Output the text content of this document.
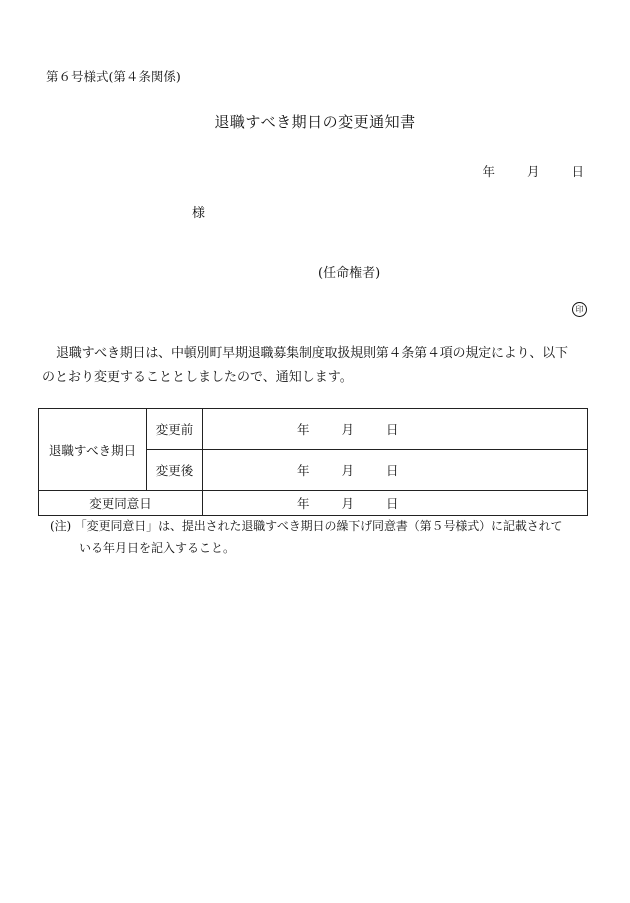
第６号様式(第４条関係)
退職すべき期日の変更通知書
年	月	日
様
(任命権者)
印
退職すべき期日は、中頓別町早期退職募集制度取扱規則第４条第４項の規定により、以下
のとおり変更することとしましたので、通知します。
退職すべき期日	変更前	年 月 日
	変更後	年 月 日
変更同意日		年 月 日
(注) 「変更同意日」は、提出された退職すべき期日の繰下げ同意書（第５号様式）に記載されて
いる年月日を記入すること。
